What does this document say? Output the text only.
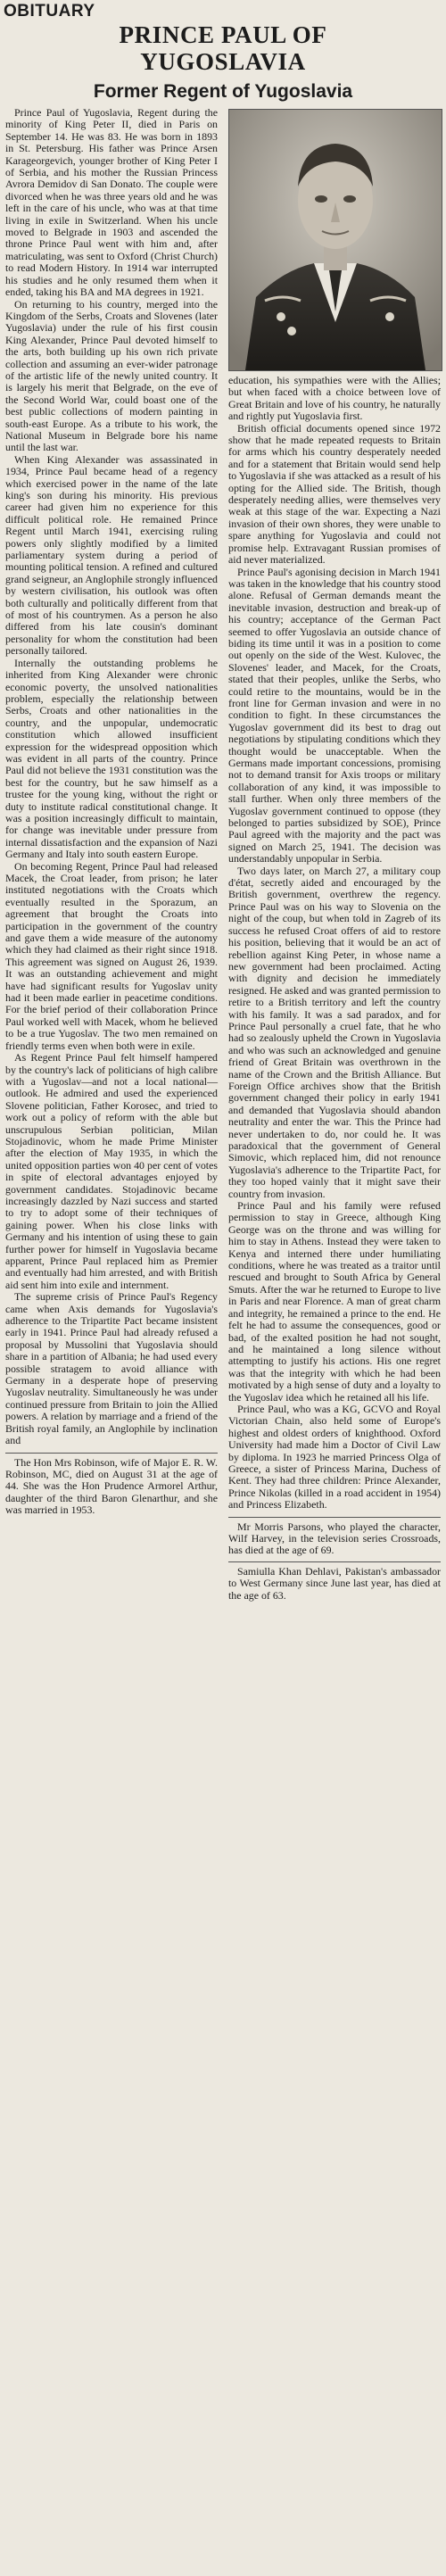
OBITUARY
PRINCE PAUL OF
YUGOSLAVIA
Former Regent of Yugoslavia

Prince Paul of Yugoslavia, Regent during the minority of King Peter II, died in Paris on September 14. He was 83. He was born in 1893 in St. Petersburg. His father was Prince Arsen Karageorgevich, younger brother of King Peter I of Serbia, and his mother the Russian Princess Avrora Demidov di San Donato. The couple were divorced when he was three years old and he was left in the care of his uncle, who was at that time living in exile in Switzerland. When his uncle moved to Belgrade in 1903 and ascended the throne Prince Paul went with him and, after matriculating, was sent to Oxford (Christ Church) to read Modern History. In 1914 war interrupted his studies and he only resumed them when it ended, taking his BA and MA degrees in 1921.

On returning to his country, merged into the Kingdom of the Serbs, Croats and Slovenes (later Yugoslavia) under the rule of his first cousin King Alexander, Prince Paul devoted himself to the arts, both building up his own rich private collection and assuming an ever-wider patronage of the artistic life of the newly united country. It is largely his merit that Belgrade, on the eve of the Second World War, could boast one of the best public collections of modern painting in south-east Europe. As a tribute to his work, the National Museum in Belgrade bore his name until the last war.

When King Alexander was assassinated in 1934, Prince Paul became head of a regency which exercised power in the name of the late king's son during his minority. His previous career had given him no experience for this difficult political role. He remained Prince Regent until March 1941, exercising ruling powers only slightly modified by a limited parliamentary system during a period of mounting political tension. A refined and cultured grand seigneur, an Anglophile strongly influenced by western civilisation, his outlook was often both culturally and politically different from that of most of his countrymen. As a person he also differed from his late cousin's dominant personality for whom the constitution had been personally tailored.

Internally the outstanding problems he inherited from King Alexander were chronic economic poverty, the unsolved nationalities problem, especially the relationship between Serbs, Croats and other nationalities in the country, and the unpopular, undemocratic constitution which allowed insufficient expression for the widespread opposition which was evident in all parts of the country. Prince Paul did not believe the 1931 constitution was the best for the country, but he saw himself as a trustee for the young king, without the right or duty to institute radical constitutional change. It was a position increasingly difficult to maintain, for change was inevitable under pressure from internal dissatisfaction and the expansion of Nazi Germany and Italy into south eastern Europe.

On becoming Regent, Prince Paul had released Macek, the Croat leader, from prison; he later instituted negotiations with the Croats which eventually resulted in the Sporazum, an agreement that brought the Croats into participation in the government of the country and gave them a wide measure of the autonomy which they had claimed as their right since 1918. This agreement was signed on August 26, 1939. It was an outstanding achievement and might have had significant results for Yugoslav unity had it been made earlier in peacetime conditions. For the brief period of their collaboration Prince Paul worked well with Macek, whom he believed to be a true Yugoslav. The two men remained on friendly terms even when both were in exile.

As Regent Prince Paul felt himself hampered by the country's lack of politicians of high calibre with a Yugoslav—and not a local national—outlook. He admired and used the experienced Slovene politician, Father Korosec, and tried to work out a policy of reform with the able but unscrupulous Serbian politician, Milan Stojadinovic, whom he made Prime Minister after the election of May 1935, in which the united opposition parties won 40 per cent of votes in spite of electoral advantages enjoyed by government candidates. Stojadinovic became increasingly dazzled by Nazi success and started to try to adopt some of their techniques of gaining power. When his close links with Germany and his intention of using these to gain further power for himself in Yugoslavia became apparent, Prince Paul replaced him as Premier and eventually had him arrested, and with British aid sent him into exile and internment.

The supreme crisis of Prince Paul's Regency came when Axis demands for Yugoslavia's adherence to the Tripartite Pact became insistent early in 1941. Prince Paul had already refused a proposal by Mussolini that Yugoslavia should share in a partition of Albania; he had used every possible stratagem to avoid alliance with Germany in a desperate hope of preserving Yugoslav neutrality. Simultaneously he was under continued pressure from Britain to join the Allied powers. A relation by marriage and a friend of the British royal family, an Anglophile by inclination and

The Hon Mrs Robinson, wife of Major E. R. W. Robinson, MC, died on August 31 at the age of 44. She was the Hon Prudence Armorel Arthur, daughter of the third Baron Glenarthur, and she was married in 1953.

education, his sympathies were with the Allies; but when faced with a choice between love of Great Britain and love of his country, he naturally and rightly put Yugoslavia first.

British official documents opened since 1972 show that he made repeated requests to Britain for arms which his country desperately needed and for a statement that Britain would send help to Yugoslavia if she was attacked as a result of his opting for the Allied side. The British, though desperately needing allies, were themselves very weak at this stage of the war. Expecting a Nazi invasion of their own shores, they were unable to spare anything for Yugoslavia and could not promise help. Extravagant Russian promises of aid never materialized.

Prince Paul's agonising decision in March 1941 was taken in the knowledge that his country stood alone. Refusal of German demands meant the inevitable invasion, destruction and break-up of his country; acceptance of the German Pact seemed to offer Yugoslavia an outside chance of biding its time until it was in a position to come out openly on the side of the West. Kulovec, the Slovenes' leader, and Macek, for the Croats, stated that their peoples, unlike the Serbs, who could retire to the mountains, would be in the front line for German invasion and were in no condition to fight. In these circumstances the Yugoslav government did its best to drag out negotiations by stipulating conditions which they thought would be unacceptable. When the Germans made important concessions, promising not to demand transit for Axis troops or military collaboration of any kind, it was impossible to stall further. When only three members of the Yugoslav government continued to oppose (they belonged to parties subsidized by SOE), Prince Paul agreed with the majority and the pact was signed on March 25, 1941. The decision was understandably unpopular in Serbia.

Two days later, on March 27, a military coup d'état, secretly aided and encouraged by the British government, overthrew the regency. Prince Paul was on his way to Slovenia on the night of the coup, but when told in Zagreb of its success he refused Croat offers of aid to restore his position, believing that it would be an act of rebellion against King Peter, in whose name a new government had been proclaimed. Acting with dignity and decision he immediately resigned. He asked and was granted permission to retire to a British territory and left the country with his family. It was a sad paradox, and for Prince Paul personally a cruel fate, that he who had so zealously upheld the Crown in Yugoslavia and who was such an acknowledged and genuine friend of Great Britain was overthrown in the name of the Crown and the British Alliance. But Foreign Office archives show that the British government changed their policy in early 1941 and demanded that Yugoslavia should abandon neutrality and enter the war. This the Prince had never undertaken to do, nor could he. It was paradoxical that the government of General Simovic, which replaced him, did not renounce Yugoslavia's adherence to the Tripartite Pact, for they too hoped vainly that it might save their country from invasion.

Prince Paul and his family were refused permission to stay in Greece, although King George was on the throne and was willing for him to stay in Athens. Instead they were taken to Kenya and interned there under humiliating conditions, where he was treated as a traitor until rescued and brought to South Africa by General Smuts. After the war he returned to Europe to live in Paris and near Florence. A man of great charm and integrity, he remained a prince to the end. He felt he had to assume the consequences, good or bad, of the exalted position he had not sought, and he maintained a long silence without attempting to justify his actions. His one regret was that the integrity with which he had been motivated by a high sense of duty and a loyalty to the Yugoslav idea which he retained all his life.

Prince Paul, who was a KG, GCVO and Royal Victorian Chain, also held some of Europe's highest and oldest orders of knighthood. Oxford University had made him a Doctor of Civil Law by diploma. In 1923 he married Princess Olga of Greece, a sister of Princess Marina, Duchess of Kent. They had three children: Prince Alexander, Prince Nikolas (killed in a road accident in 1954) and Princess Elizabeth.

Mr Morris Parsons, who played the character, Wilf Harvey, in the television series Crossroads, has died at the age of 69.

Samiulla Khan Dehlavi, Pakistan's ambassador to West Germany since June last year, has died at the age of 63.
